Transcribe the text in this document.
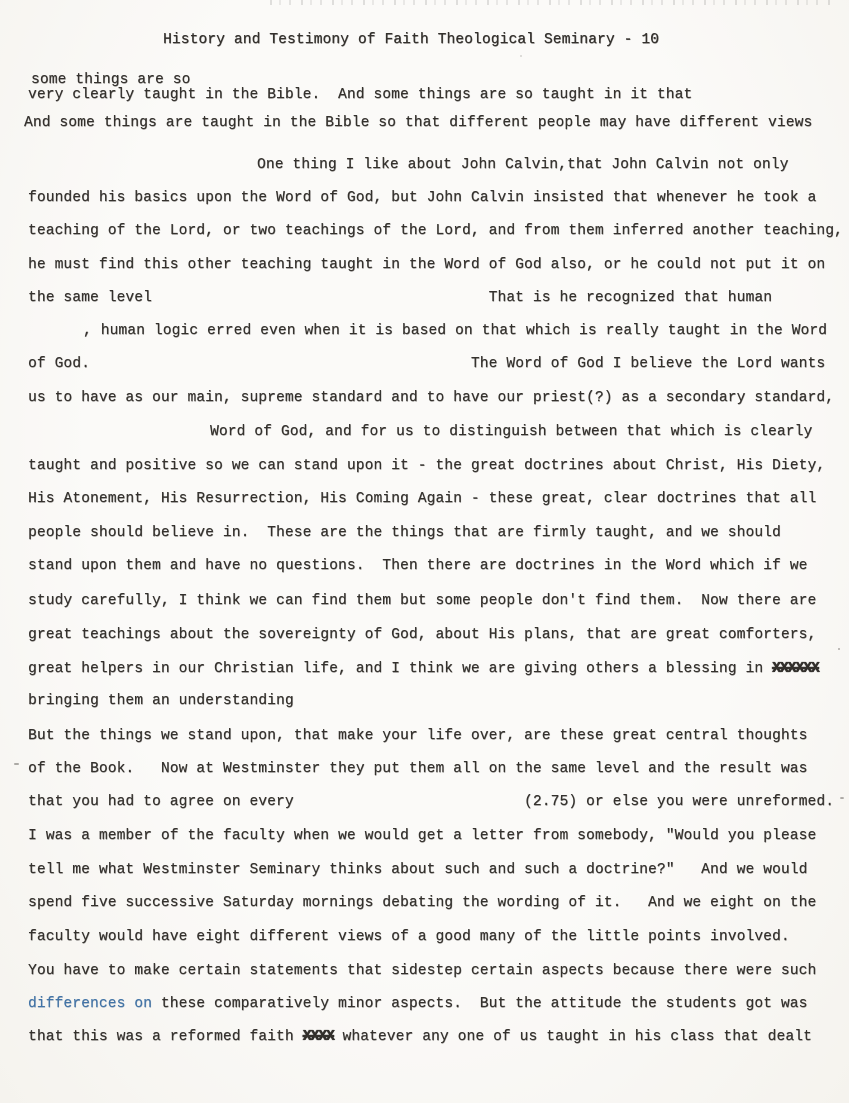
History and Testimony of Faith Theological Seminary - 10
some things are so
very clearly taught in the Bible.  And some things are so taught in it that
And some things are taught in the Bible so that different people may have different views
One thing I like about John Calvin,that John Calvin not only
founded his basics upon the Word of God, but John Calvin insisted that whenever he took a
teaching of the Lord, or two teachings of the Lord, and from them inferred another teaching,
he must find this other teaching taught in the Word of God also, or he could not put it on
the same level	That is he recognized that human
, human logic erred even when it is based on that which is really taught in the Word
of God.	The Word of God I believe the Lord wants
us to have as our main, supreme standard and to have our priest(?) as a secondary standard,
Word of God, and for us to distinguish between that which is clearly
taught and positive so we can stand upon it - the great doctrines about Christ, His Diety,
His Atonement, His Resurrection, His Coming Again - these great, clear doctrines that all
people should believe in.  These are the things that are firmly taught, and we should
stand upon them and have no questions.  Then there are doctrines in the Word which if we
study carefully, I think we can find them but some people don't find them.  Now there are
great teachings about the sovereignty of God, about His plans, that are great comforters,
great helpers in our Christian life, and I think we are giving others a blessing in XXXXXX
bringing them an understanding
But the things we stand upon, that make your life over, are these great central thoughts
of the Book.   Now at Westminster they put them all on the same level and the result was
that you had to agree on every	(2.75) or else you were unreformed.
I was a member of the faculty when we would get a letter from somebody, "Would you please
tell me what Westminster Seminary thinks about such and such a doctrine?"   And we would
spend five successive Saturday mornings debating the wording of it.   And we eight on the
faculty would have eight different views of a good many of the little points involved.
You have to make certain statements that sidestep certain aspects because there were such
differences on these comparatively minor aspects.  But the attitude the students got was
that this was a reformed faith XXXX whatever any one of us taught in his class that dealt
